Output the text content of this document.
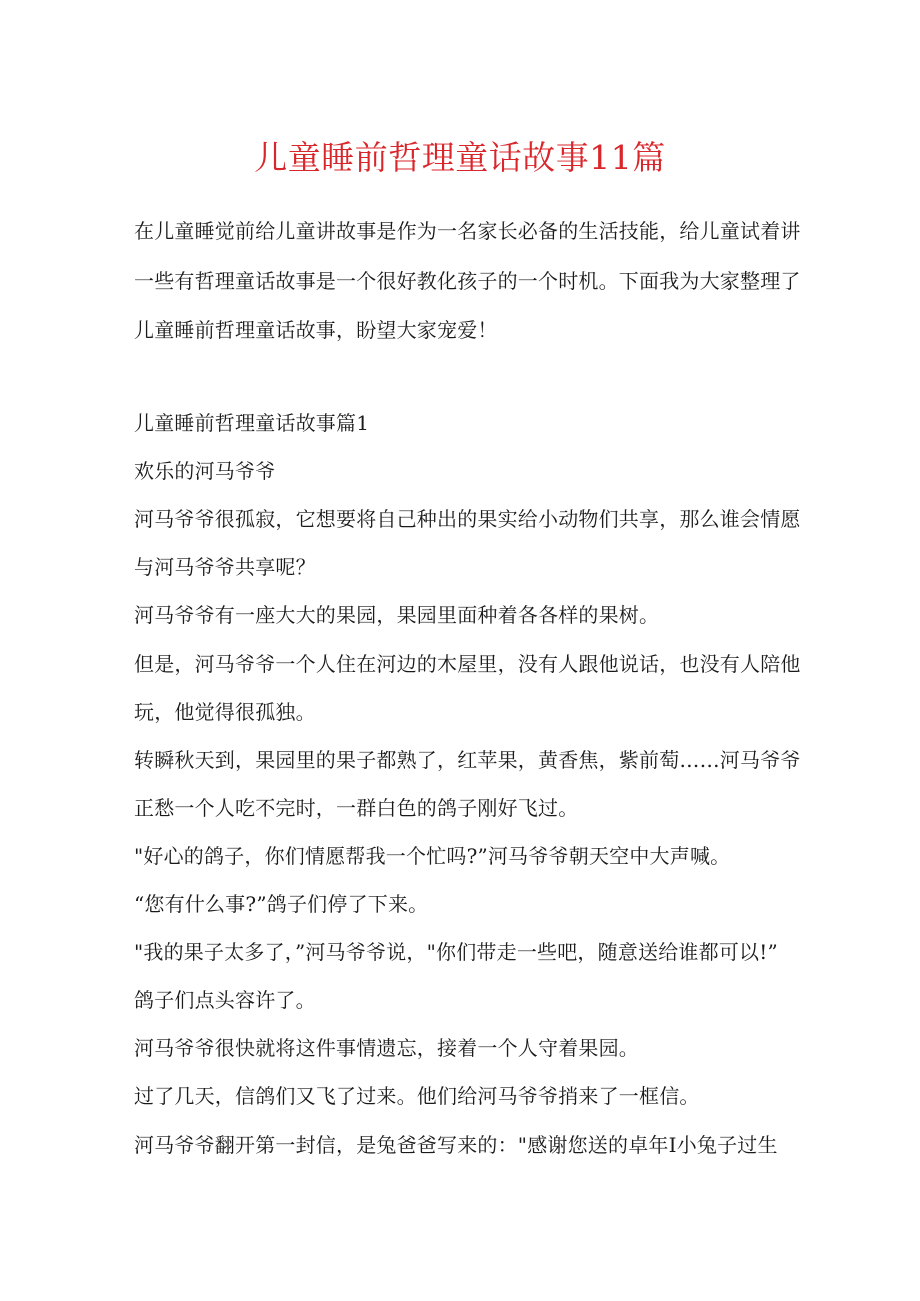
儿童睡前哲理童话故事11篇
在儿童睡觉前给儿童讲故事是作为一名家长必备的生活技能，给儿童试着讲
一些有哲理童话故事是一个很好教化孩子的一个时机。下面我为大家整理了
儿童睡前哲理童话故事，盼望大家宠爱！
儿童睡前哲理童话故事篇1
欢乐的河马爷爷
河马爷爷很孤寂，它想要将自己种出的果实给小动物们共享，那么谁会情愿
与河马爷爷共享呢？
河马爷爷有一座大大的果园，果园里面种着各各样的果树。
但是，河马爷爷一个人住在河边的木屋里，没有人跟他说话，也没有人陪他
玩，他觉得很孤独。
转瞬秋天到，果园里的果子都熟了，红苹果，黄香焦，紫前萄……河马爷爷
正愁一个人吃不完时，一群白色的鸽子刚好飞过。
"好心的鸽子，你们情愿帮我一个忙吗?”河马爷爷朝天空中大声喊。
“您有什么事?”鸽子们停了下来。
"我的果子太多了，”河马爷爷说，"你们带走一些吧，随意送给谁都可以!”
鸽子们点头容许了。
河马爷爷很快就将这件事情遗忘，接着一个人守着果园。
过了几天，信鸽们又飞了过来。他们给河马爷爷捎来了一框信。
河马爷爷翻开第一封信，是兔爸爸写来的："感谢您送的卓年I小兔子过生
